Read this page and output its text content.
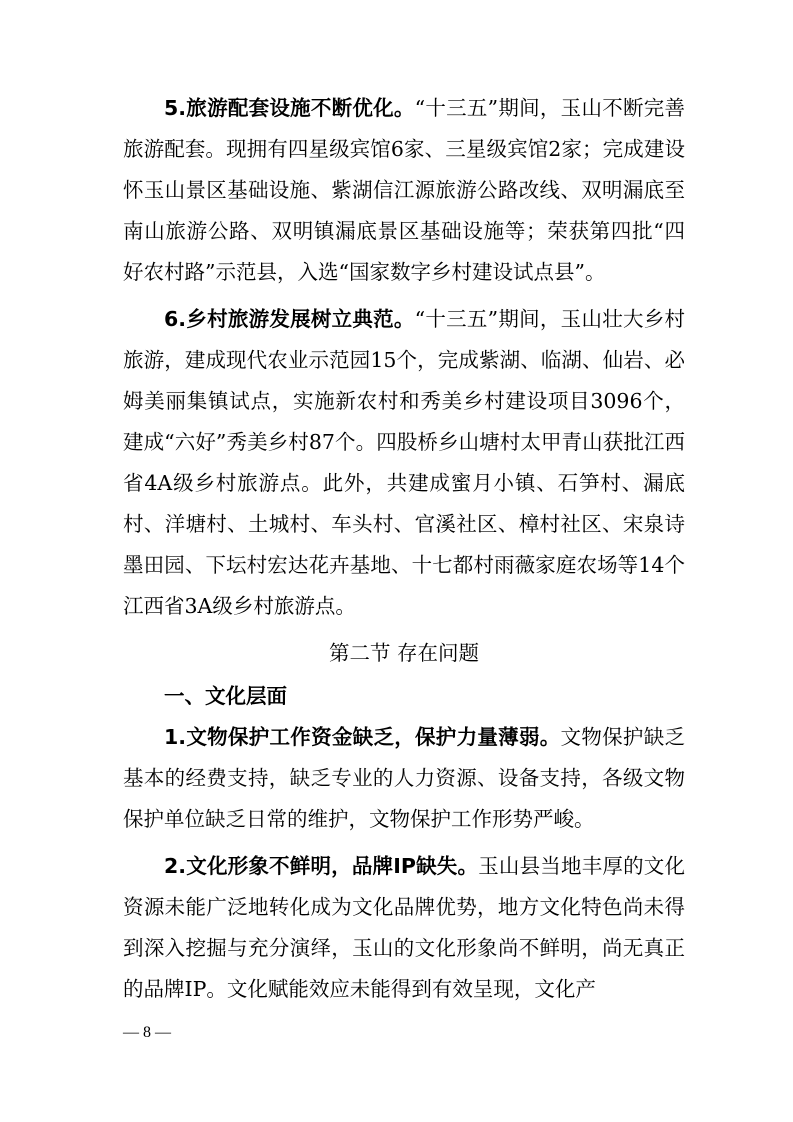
5.旅游配套设施不断优化。“十三五”期间，玉山不断完善旅游配套。现拥有四星级宾馆6家、三星级宾馆2家；完成建设怀玉山景区基础设施、紫湖信江源旅游公路改线、双明漏底至南山旅游公路、双明镇漏底景区基础设施等；荣获第四批“四好农村路”示范县，入选“国家数字乡村建设试点县”。

6.乡村旅游发展树立典范。“十三五”期间，玉山壮大乡村旅游，建成现代农业示范园15个，完成紫湖、临湖、仙岩、必姆美丽集镇试点，实施新农村和秀美乡村建设项目3096个，建成“六好”秀美乡村87个。四股桥乡山塘村太甲青山获批江西省4A级乡村旅游点。此外，共建成蜜月小镇、石笋村、漏底村、洋塘村、土城村、车头村、官溪社区、樟村社区、宋泉诗墨田园、下坛村宏达花卉基地、十七都村雨薇家庭农场等14个江西省3A级乡村旅游点。

第二节 存在问题

一、文化层面

1.文物保护工作资金缺乏，保护力量薄弱。文物保护缺乏基本的经费支持，缺乏专业的人力资源、设备支持，各级文物保护单位缺乏日常的维护，文物保护工作形势严峻。

2.文化形象不鲜明，品牌IP缺失。玉山县当地丰厚的文化资源未能广泛地转化成为文化品牌优势，地方文化特色尚未得到深入挖掘与充分演绎，玉山的文化形象尚不鲜明，尚无真正的品牌IP。文化赋能效应未能得到有效呈现，文化产

— 8 —
